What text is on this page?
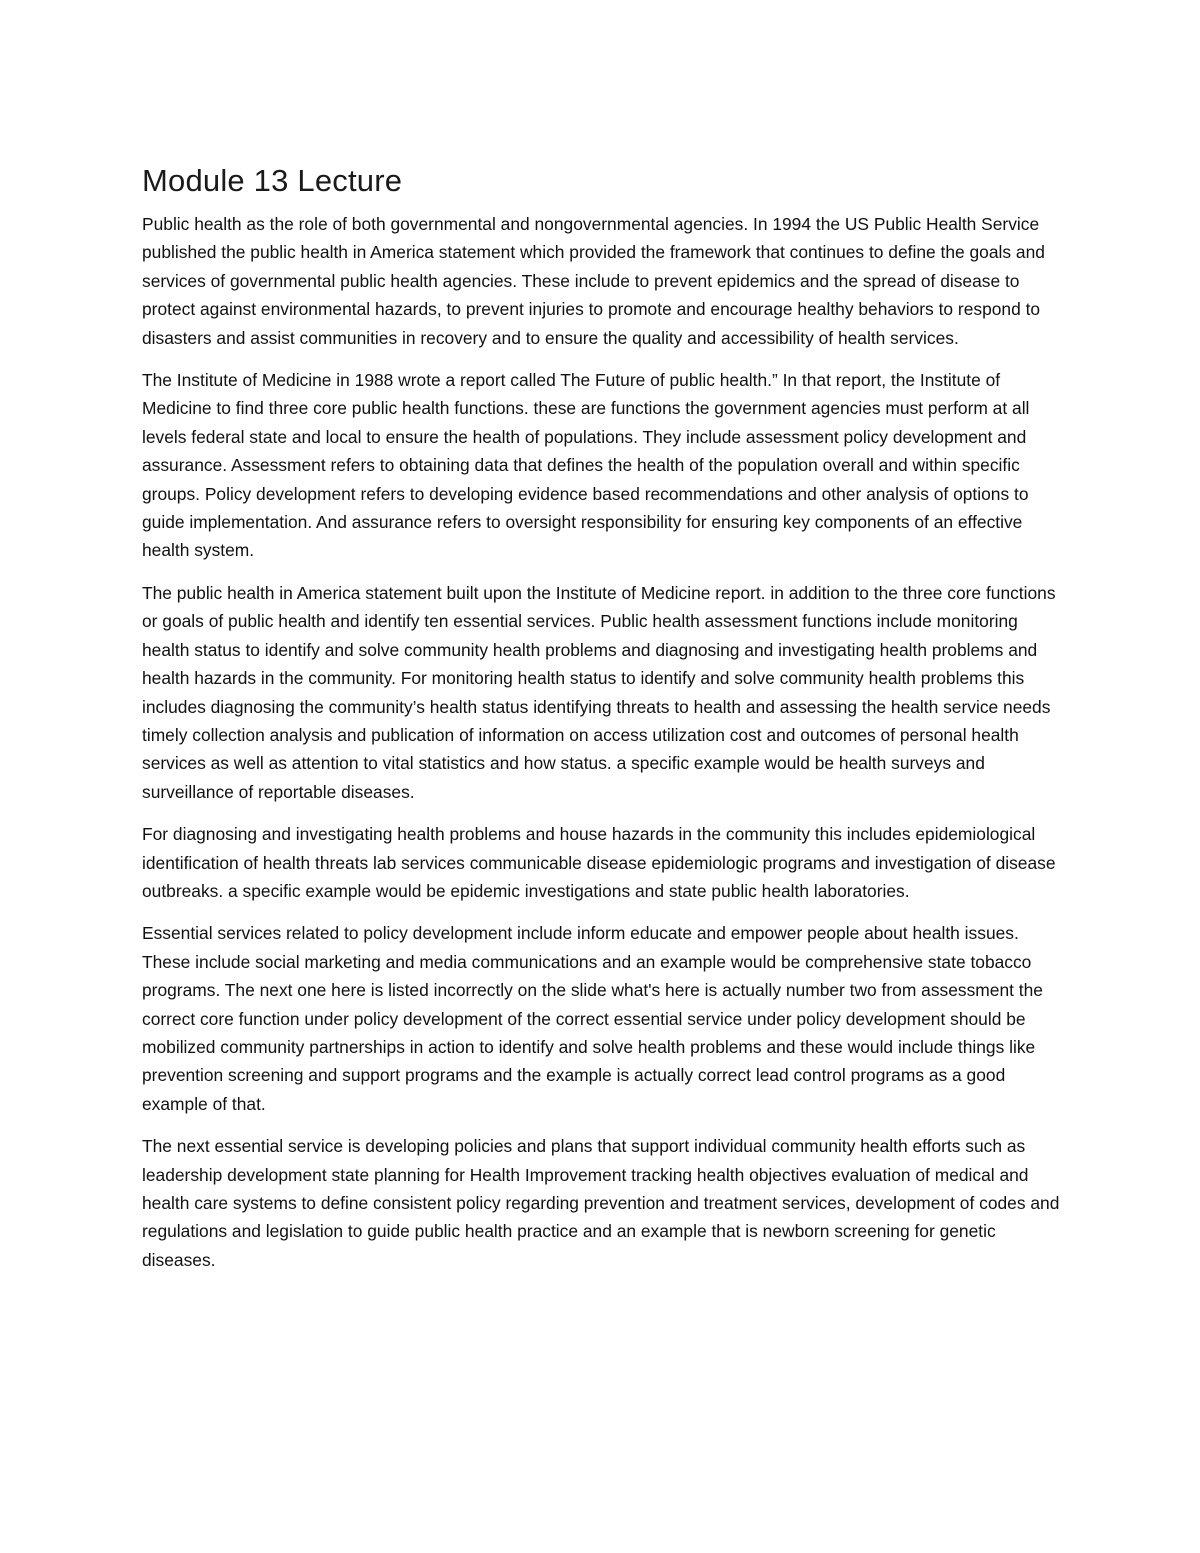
Module 13 Lecture

Public health as the role of both governmental and nongovernmental agencies. In 1994 the US Public Health Service published the public health in America statement which provided the framework that continues to define the goals and services of governmental public health agencies. These include to prevent epidemics and the spread of disease to protect against environmental hazards, to prevent injuries to promote and encourage healthy behaviors to respond to disasters and assist communities in recovery and to ensure the quality and accessibility of health services.

The Institute of Medicine in 1988 wrote a report called The Future of public health.” In that report, the Institute of Medicine to find three core public health functions. these are functions the government agencies must perform at all levels federal state and local to ensure the health of populations. They include assessment policy development and assurance. Assessment refers to obtaining data that defines the health of the population overall and within specific groups. Policy development refers to developing evidence based recommendations and other analysis of options to guide implementation. And assurance refers to oversight responsibility for ensuring key components of an effective health system.

The public health in America statement built upon the Institute of Medicine report. in addition to the three core functions or goals of public health and identify ten essential services. Public health assessment functions include monitoring health status to identify and solve community health problems and diagnosing and investigating health problems and health hazards in the community. For monitoring health status to identify and solve community health problems this includes diagnosing the community’s health status identifying threats to health and assessing the health service needs timely collection analysis and publication of information on access utilization cost and outcomes of personal health services as well as attention to vital statistics and how status. a specific example would be health surveys and surveillance of reportable diseases.

For diagnosing and investigating health problems and house hazards in the community this includes epidemiological identification of health threats lab services communicable disease epidemiologic programs and investigation of disease outbreaks. a specific example would be epidemic investigations and state public health laboratories.

Essential services related to policy development include inform educate and empower people about health issues. These include social marketing and media communications and an example would be comprehensive state tobacco programs. The next one here is listed incorrectly on the slide what's here is actually number two from assessment the correct core function under policy development of the correct essential service under policy development should be mobilized community partnerships in action to identify and solve health problems and these would include things like prevention screening and support programs and the example is actually correct lead control programs as a good example of that.

The next essential service is developing policies and plans that support individual community health efforts such as leadership development state planning for Health Improvement tracking health objectives evaluation of medical and health care systems to define consistent policy regarding prevention and treatment services, development of codes and regulations and legislation to guide public health practice and an example that is newborn screening for genetic diseases.
